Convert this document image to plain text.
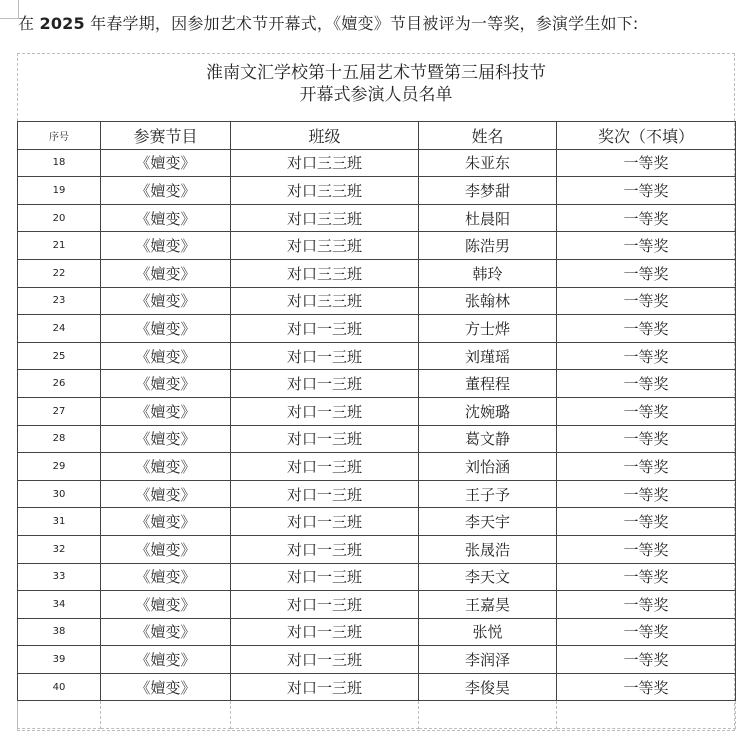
在 2025 年春学期，因参加艺术节开幕式，《嬗变》节目被评为一等奖，参演学生如下:
淮南文汇学校第十五届艺术节暨第三届科技节
开幕式参演人员名单
序号	参赛节目	班级	姓名	奖次（不填）
18	《嬗变》	对口三三班	朱亚东	一等奖
19	《嬗变》	对口三三班	李梦甜	一等奖
20	《嬗变》	对口三三班	杜晨阳	一等奖
21	《嬗变》	对口三三班	陈浩男	一等奖
22	《嬗变》	对口三三班	韩玲	一等奖
23	《嬗变》	对口三三班	张翰林	一等奖
24	《嬗变》	对口一三班	方士烨	一等奖
25	《嬗变》	对口一三班	刘瑾瑶	一等奖
26	《嬗变》	对口一三班	董程程	一等奖
27	《嬗变》	对口一三班	沈婉璐	一等奖
28	《嬗变》	对口一三班	葛文静	一等奖
29	《嬗变》	对口一三班	刘怡涵	一等奖
30	《嬗变》	对口一三班	王子予	一等奖
31	《嬗变》	对口一三班	李天宇	一等奖
32	《嬗变》	对口一三班	张晟浩	一等奖
33	《嬗变》	对口一三班	李天文	一等奖
34	《嬗变》	对口一三班	王嘉昊	一等奖
38	《嬗变》	对口一三班	张悦	一等奖
39	《嬗变》	对口一三班	李润泽	一等奖
40	《嬗变》	对口一三班	李俊昊	一等奖
